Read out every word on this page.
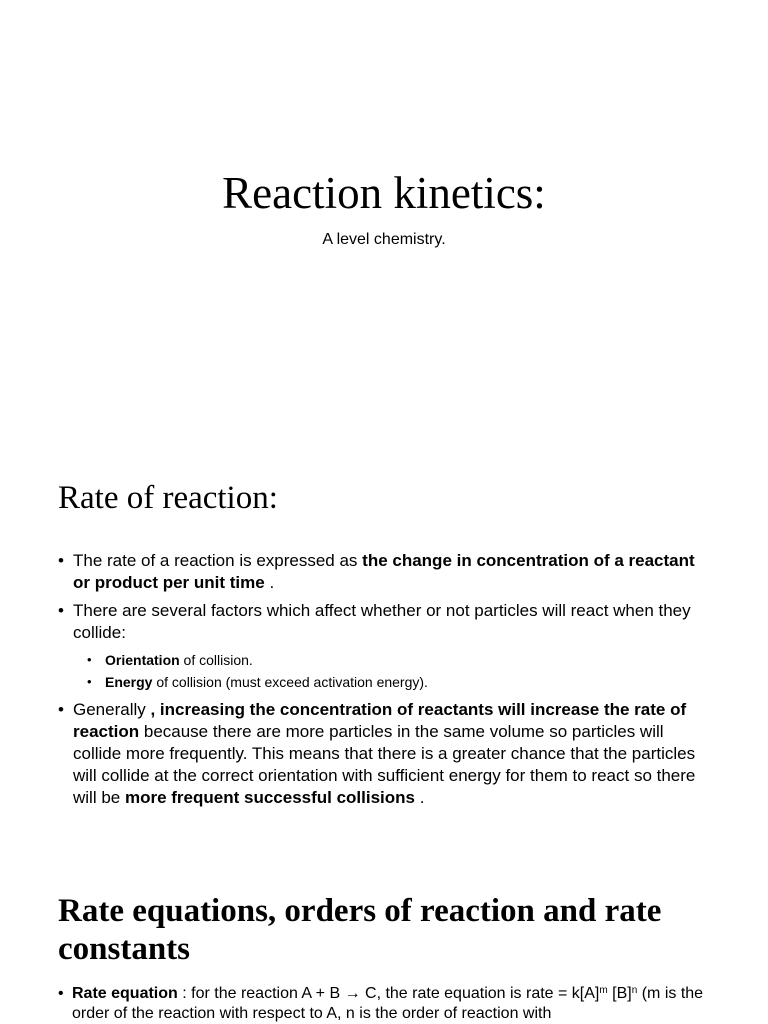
Reaction kinetics:

A level chemistry.

Rate of reaction:
• The rate of a reaction is expressed as the change in concentration of a reactant or product per unit time .
• There are several factors which affect whether or not particles will react when they collide:
• Orientation of collision.
• Energy of collision (must exceed activation energy).
• Generally , increasing the concentration of reactants will increase the rate of reaction because there are more particles in the same volume so particles will collide more frequently. This means that there is a greater chance that the particles will collide at the correct orientation with sufficient energy for them to react so there will be more frequent successful collisions .
Rate equations, orders of reaction and rate constants
• Rate equation : for the reaction A + B → C, the rate equation is rate = $k[A]^m$ $[B]^n$ (m is the order of the reaction with respect to A, n is the order of reaction with
